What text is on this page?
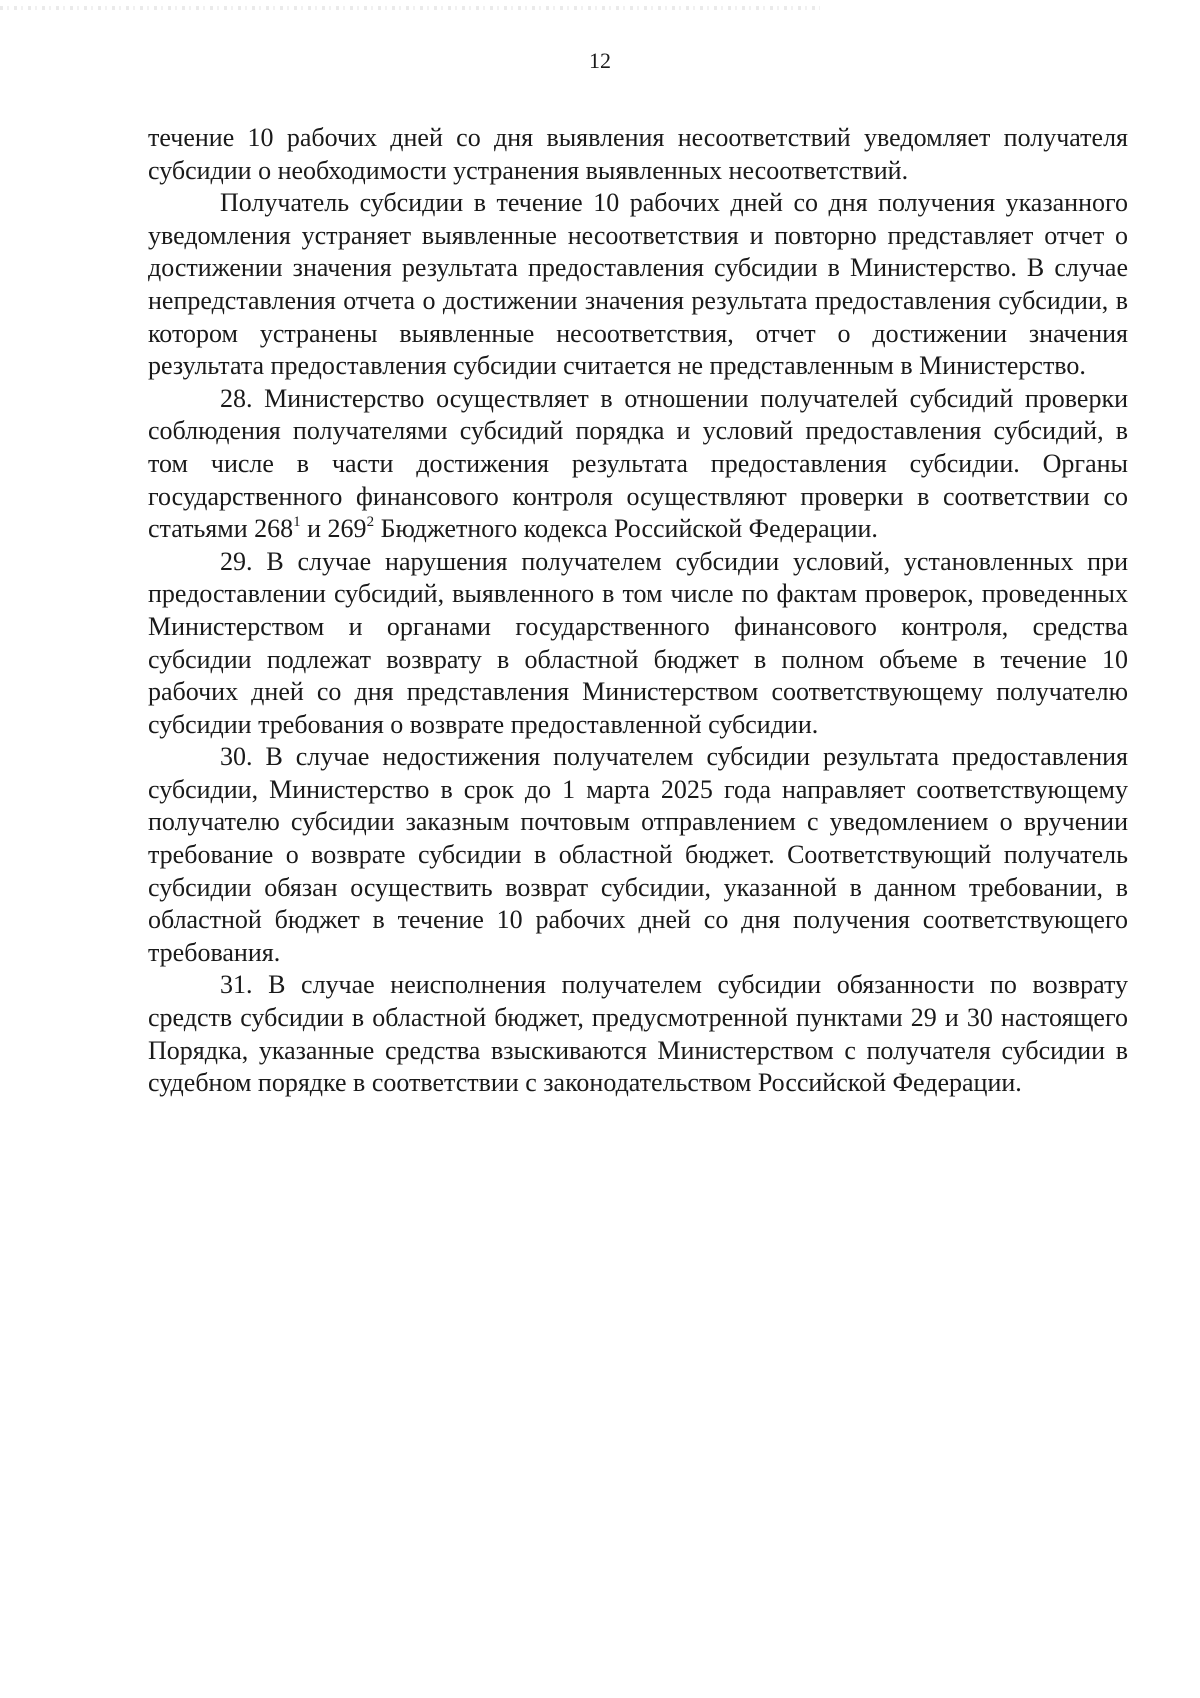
12

течение 10 рабочих дней со дня выявления несоответствий уведомляет получателя субсидии о необходимости устранения выявленных несоответствий.

Получатель субсидии в течение 10 рабочих дней со дня получения указанного уведомления устраняет выявленные несоответствия и повторно представляет отчет о достижении значения результата предоставления субсидии в Министерство. В случае непредставления отчета о достижении значения результата предоставления субсидии, в котором устранены выявленные несоответствия, отчет о достижении значения результата предоставления субсидии считается не представленным в Министерство.

28. Министерство осуществляет в отношении получателей субсидий проверки соблюдения получателями субсидий порядка и условий предоставления субсидий, в том числе в части достижения результата предоставления субсидии. Органы государственного финансового контроля осуществляют проверки в соответствии со статьями $268^1$ и $269^2$ Бюджетного кодекса Российской Федерации.

29. В случае нарушения получателем субсидии условий, установленных при предоставлении субсидий, выявленного в том числе по фактам проверок, проведенных Министерством и органами государственного финансового контроля, средства субсидии подлежат возврату в областной бюджет в полном объеме в течение 10 рабочих дней со дня представления Министерством соответствующему получателю субсидии требования о возврате предоставленной субсидии.

30. В случае недостижения получателем субсидии результата предоставления субсидии, Министерство в срок до 1 марта 2025 года направляет соответствующему получателю субсидии заказным почтовым отправлением с уведомлением о вручении требование о возврате субсидии в областной бюджет. Соответствующий получатель субсидии обязан осуществить возврат субсидии, указанной в данном требовании, в областной бюджет в течение 10 рабочих дней со дня получения соответствующего требования.

31. В случае неисполнения получателем субсидии обязанности по возврату средств субсидии в областной бюджет, предусмотренной пунктами 29 и 30 настоящего Порядка, указанные средства взыскиваются Министерством с получателя субсидии в судебном порядке в соответствии с законодательством Российской Федерации.
